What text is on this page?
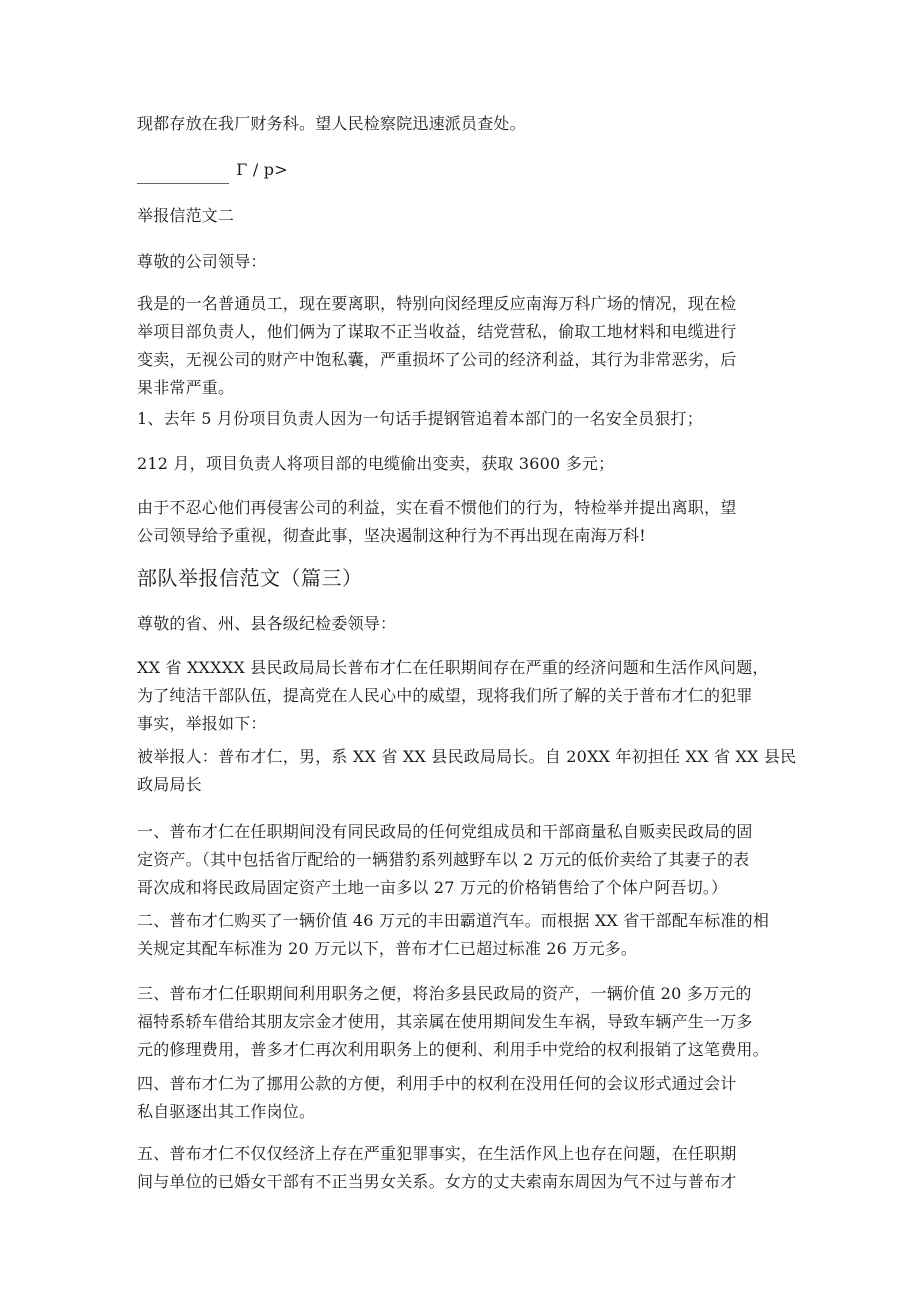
现都存放在我厂财务科。望人民检察院迅速派员查处。
Γ / p>
举报信范文二
尊敬的公司领导：
我是的一名普通员工，现在要离职，特别向闵经理反应南海万科广场的情况，现在检
举项目部负责人，他们俩为了谋取不正当收益，结党营私，偷取工地材料和电缆进行
变卖，无视公司的财产中饱私囊，严重损坏了公司的经济利益，其行为非常恶劣，后
果非常严重。
1、去年 5 月份项目负责人因为一句话手提钢管追着本部门的一名安全员狠打；
212 月，项目负责人将项目部的电缆偷出变卖，获取 3600 多元；
由于不忍心他们再侵害公司的利益，实在看不惯他们的行为，特检举并提出离职，望
公司领导给予重视，彻查此事，坚决遏制这种行为不再出现在南海万科!
部队举报信范文（篇三）
尊敬的省、州、县各级纪检委领导：
XX 省 XXXXX 县民政局局长普布才仁在任职期间存在严重的经济问题和生活作风问题，
为了纯洁干部队伍，提高党在人民心中的威望，现将我们所了解的关于普布才仁的犯罪
事实，举报如下：
被举报人：普布才仁，男，系 XX 省 XX 县民政局局长。自 20XX 年初担任 XX 省 XX 县民
政局局长
一、普布才仁在任职期间没有同民政局的任何党组成员和干部商量私自贩卖民政局的固
定资产。（其中包括省厅配给的一辆猎豹系列越野车以 2 万元的低价卖给了其妻子的表
哥次成和将民政局固定资产土地一亩多以 27 万元的价格销售给了个体户阿吾切。）
二、普布才仁购买了一辆价值 46 万元的丰田霸道汽车。而根据 XX 省干部配车标准的相
关规定其配车标准为 20 万元以下，普布才仁已超过标准 26 万元多。
三、普布才仁任职期间利用职务之便，将治多县民政局的资产，一辆价值 20 多万元的
福特系轿车借给其朋友宗金才使用，其亲属在使用期间发生车祸，导致车辆产生一万多
元的修理费用，普多才仁再次利用职务上的便利、利用手中党给的权利报销了这笔费用。
四、普布才仁为了挪用公款的方便，利用手中的权利在没用任何的会议形式通过会计
私自驱逐出其工作岗位。
五、普布才仁不仅仅经济上存在严重犯罪事实，在生活作风上也存在问题，在任职期
间与单位的已婚女干部有不正当男女关系。女方的丈夫索南东周因为气不过与普布才
